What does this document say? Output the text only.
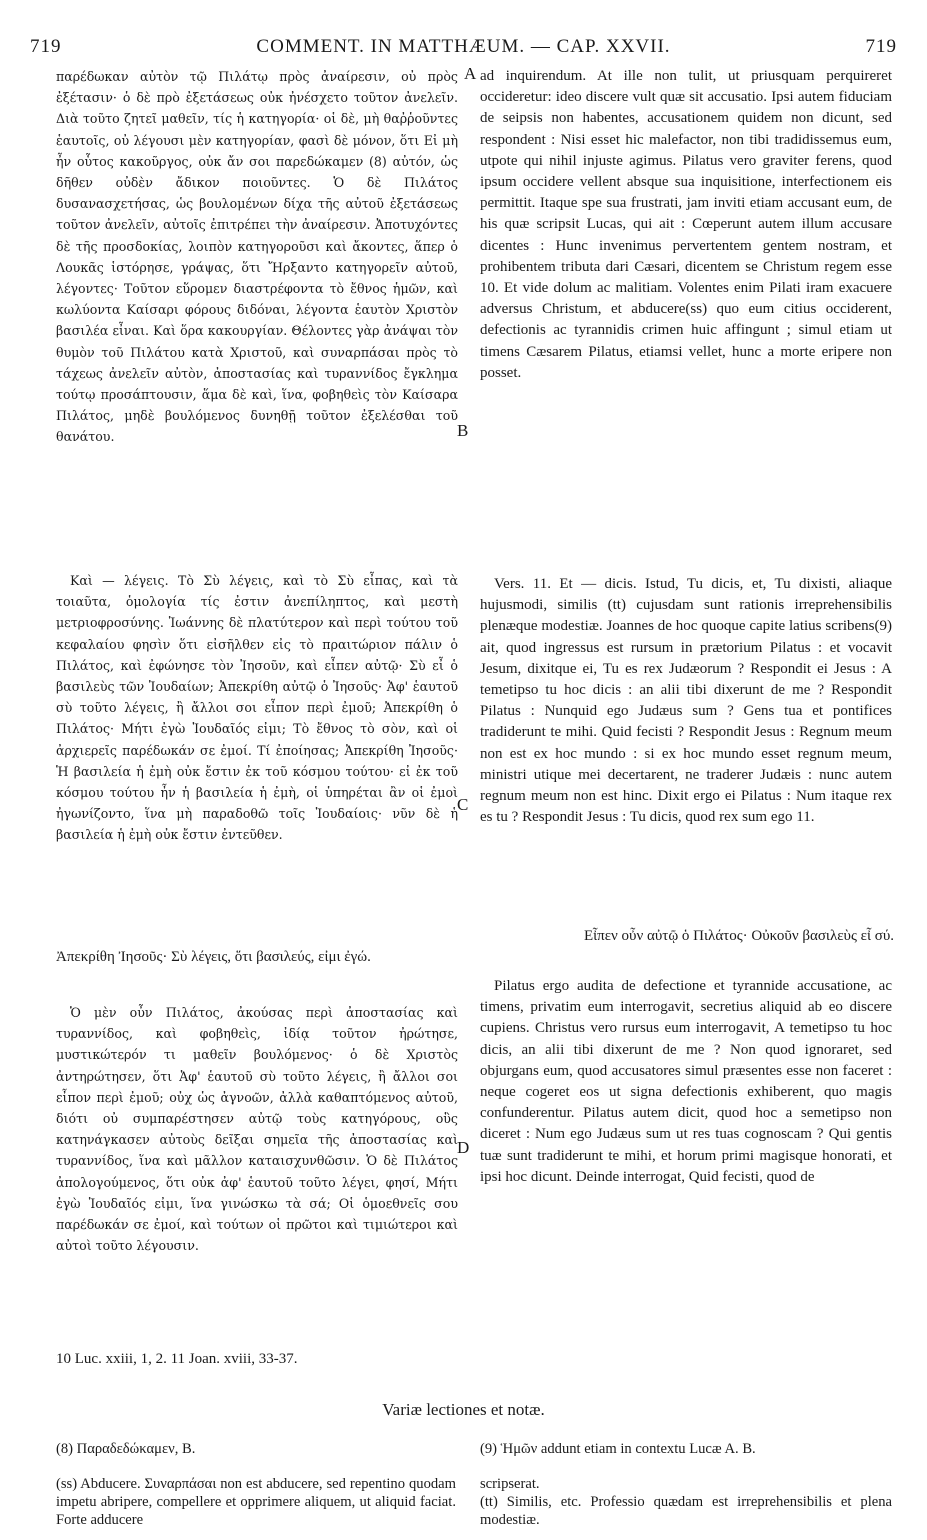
719	COMMENT. IN MATTHÆUM. — CAP. XXVII.	719

παρέδωκαν αὐτὸν τῷ Πιλάτῳ πρὸς ἀναίρεσιν, οὐ πρὸς ἐξέτασιν· ὁ δὲ πρὸ ἐξετάσεως οὐκ ἠνέσχετο τοῦτον ἀνελεῖν. Διὰ τοῦτο ζητεῖ μαθεῖν, τίς ἡ κατηγορία· οἱ δὲ, μὴ θαῤῥοῦντες ἑαυτοῖς, οὐ λέγουσι μὲν κατηγορίαν, φασὶ δὲ μόνον, ὅτι Εἰ μὴ ἦν οὗτος κακοῦργος, οὐκ ἄν σοι παρεδώκαμεν (8) αὐτόν, ὡς δῆθεν οὐδὲν ἄδικον ποιοῦντες. Ὁ δὲ Πιλάτος δυσανασχετήσας, ὡς βουλομένων δίχα τῆς αὐτοῦ ἐξετάσεως τοῦτον ἀνελεῖν, αὐτοῖς ἐπιτρέπει τὴν ἀναίρεσιν. Ἀποτυχόντες δὲ τῆς προσδοκίας, λοιπὸν κατηγοροῦσι καὶ ἄκοντες, ἅπερ ὁ Λουκᾶς ἱστόρησε, γράψας, ὅτι Ἤρξαντο κατηγορεῖν αὐτοῦ, λέγοντες· Τοῦτον εὕρομεν διαστρέφοντα τὸ ἔθνος ἡμῶν, καὶ κωλύοντα Καίσαρι φόρους διδόναι, λέγοντα ἑαυτὸν Χριστὸν βασιλέα εἶναι. Καὶ ὅρα κακουργίαν. Θέλοντες γὰρ ἀνάψαι τὸν θυμὸν τοῦ Πιλάτου κατὰ Χριστοῦ, καὶ συναρπάσαι πρὸς τὸ τάχεως ἀνελεῖν αὐτὸν, ἀποστασίας καὶ τυραννίδος ἔγκλημα τούτῳ προσάπτουσιν, ἅμα δὲ καὶ, ἵνα, φοβηθεὶς τὸν Καίσαρα Πιλάτος, μηδὲ βουλόμενος δυνηθῇ τοῦτον ἐξελέσθαι τοῦ θανάτου.

Καὶ — λέγεις. Τὸ Σὺ λέγεις, καὶ τὸ Σὺ εἶπας, καὶ τὰ τοιαῦτα, ὁμολογία τίς ἐστιν ἀνεπίληπτος, καὶ μεστὴ μετριοφροσύνης. Ἰωάννης δὲ πλατύτερον καὶ περὶ τούτου τοῦ κεφαλαίου φησὶν ὅτι εἰσῆλθεν εἰς τὸ πραιτώριον πάλιν ὁ Πιλάτος, καὶ ἐφώνησε τὸν Ἰησοῦν, καὶ εἶπεν αὐτῷ· Σὺ εἶ ὁ βασιλεὺς τῶν Ἰουδαίων; Ἀπεκρίθη αὐτῷ ὁ Ἰησοῦς· Ἀφ' ἑαυτοῦ σὺ τοῦτο λέγεις, ἢ ἄλλοι σοι εἶπον περὶ ἐμοῦ; Ἀπεκρίθη ὁ Πιλάτος· Μήτι ἐγὼ Ἰουδαῖός εἰμι; Τὸ ἔθνος τὸ σὸν, καὶ οἱ ἀρχιερεῖς παρέδωκάν σε ἐμοί. Τί ἐποίησας; Ἀπεκρίθη Ἰησοῦς· Ἡ βασιλεία ἡ ἐμὴ οὐκ ἔστιν ἐκ τοῦ κόσμου τούτου· εἰ ἐκ τοῦ κόσμου τούτου ἦν ἡ βασιλεία ἡ ἐμὴ, οἱ ὑπηρέται ἂν οἱ ἐμοὶ ἠγωνίζοντο, ἵνα μὴ παραδοθῶ τοῖς Ἰουδαίοις· νῦν δὲ ἡ βασιλεία ἡ ἐμὴ οὐκ ἔστιν ἐντεῦθεν.

Ὁ μὲν οὖν Πιλάτος, ἀκούσας περὶ ἀποστασίας καὶ τυραννίδος, καὶ φοβηθεὶς, ἰδίᾳ τοῦτον ἠρώτησε, μυστικώτερόν τι μαθεῖν βουλόμενος· ὁ δὲ Χριστὸς ἀντηρώτησεν, ὅτι Ἀφ' ἑαυτοῦ σὺ τοῦτο λέγεις, ἢ ἄλλοι σοι εἶπον περὶ ἐμοῦ; οὐχ ὡς ἀγνοῶν, ἀλλὰ καθαπτόμενος αὐτοῦ, διότι οὐ συμπαρέστησεν αὐτῷ τοὺς κατηγόρους, οὓς κατηνάγκασεν αὐτοὺς δεῖξαι σημεῖα τῆς ἀποστασίας καὶ τυραννίδος, ἵνα καὶ μᾶλλον καταισχυνθῶσιν. Ὁ δὲ Πιλάτος ἀπολογούμενος, ὅτι οὐκ ἀφ' ἑαυτοῦ τοῦτο λέγει, φησί, Μήτι ἐγὼ Ἰουδαῖός εἰμι, ἵνα γινώσκω τὰ σά; Οἱ ὁμοεθνεῖς σου παρέδωκάν σε ἐμοί, καὶ τούτων οἱ πρῶτοι καὶ τιμιώτεροι καὶ αὐτοὶ τοῦτο λέγουσιν.

A
B
C
D

ad inquirendum. At ille non tulit, ut priusquam perquireret occideretur: ideo discere vult quæ sit accusatio. Ipsi autem fiduciam de seipsis non habentes, accusationem quidem non dicunt, sed respondent : Nisi esset hic malefactor, non tibi tradidissemus eum, utpote qui nihil injuste agimus. Pilatus vero graviter ferens, quod ipsum occidere vellent absque sua inquisitione, interfectionem eis permittit. Itaque spe sua frustrati, jam inviti etiam accusant eum, de his quæ scripsit Lucas, qui ait : Cœperunt autem illum accusare dicentes : Hunc invenimus pervertentem gentem nostram, et prohibentem tributa dari Cæsari, dicentem se Christum regem esse 10. Et vide dolum ac malitiam. Volentes enim Pilati iram exacuere adversus Christum, et abducere(ss) quo eum citius occiderent, defectionis ac tyrannidis crimen huic affingunt ; simul etiam ut timens Cæsarem Pilatus, etiamsi vellet, hunc a morte eripere non posset.

Vers. 11. Et — dicis. Istud, Tu dicis, et, Tu dixisti, aliaque hujusmodi, similis (tt) cujusdam sunt rationis irreprehensibilis plenæque modestiæ. Joannes de hoc quoque capite latius scribens(9) ait, quod ingressus est rursum in prætorium Pilatus : et vocavit Jesum, dixitque ei, Tu es rex Judæorum ? Respondit ei Jesus : A temetipso tu hoc dicis : an alii tibi dixerunt de me ? Respondit Pilatus : Nunquid ego Judæus sum ? Gens tua et pontifices tradiderunt te mihi. Quid fecisti ? Respondit Jesus : Regnum meum non est ex hoc mundo : si ex hoc mundo esset regnum meum, ministri utique mei decertarent, ne traderer Judæis : nunc autem regnum meum non est hinc. Dixit ergo ei Pilatus : Num itaque rex es tu ? Respondit Jesus : Tu dicis, quod rex sum ego 11.

Pilatus ergo audita de defectione et tyrannide accusatione, ac timens, privatim eum interrogavit, secretius aliquid ab eo discere cupiens. Christus vero rursus eum interrogavit, A temetipso tu hoc dicis, an alii tibi dixerunt de me ? Non quod ignoraret, sed objurgans eum, quod accusatores simul præsentes esse non faceret : neque cogeret eos ut signa defectionis exhiberent, quo magis confunderentur. Pilatus autem dicit, quod hoc a semetipso non diceret : Num ego Judæus sum ut res tuas cognoscam ? Qui gentis tuæ sunt tradiderunt te mihi, et horum primi magisque honorati, et ipsi hoc dicunt. Deinde interrogat, Quid fecisti, quod de

Εἶπεν οὖν αὐτῷ ὁ Πιλάτος· Οὐκοῦν βασιλεὺς εἶ σύ.
Ἀπεκρίθη Ἰησοῦς· Σὺ λέγεις, ὅτι βασιλεύς, εἰμι ἐγώ.
10 Luc. xxiii, 1, 2. 11 Joan. xviii, 33-37.
Variæ lectiones et notæ.
(8) Παραδεδώκαμεν, B.	(9) Ἡμῶν addunt etiam in contextu Lucæ A. B.
(ss) Abducere. Συναρπάσαι non est abducere, sed repentino quodam impetu abripere, compellere et opprimere aliquem, ut aliquid faciat. Forte adducere
scripserat.
(tt) Similis, etc. Professio quædam est irreprehensibilis et plena modestiæ.
